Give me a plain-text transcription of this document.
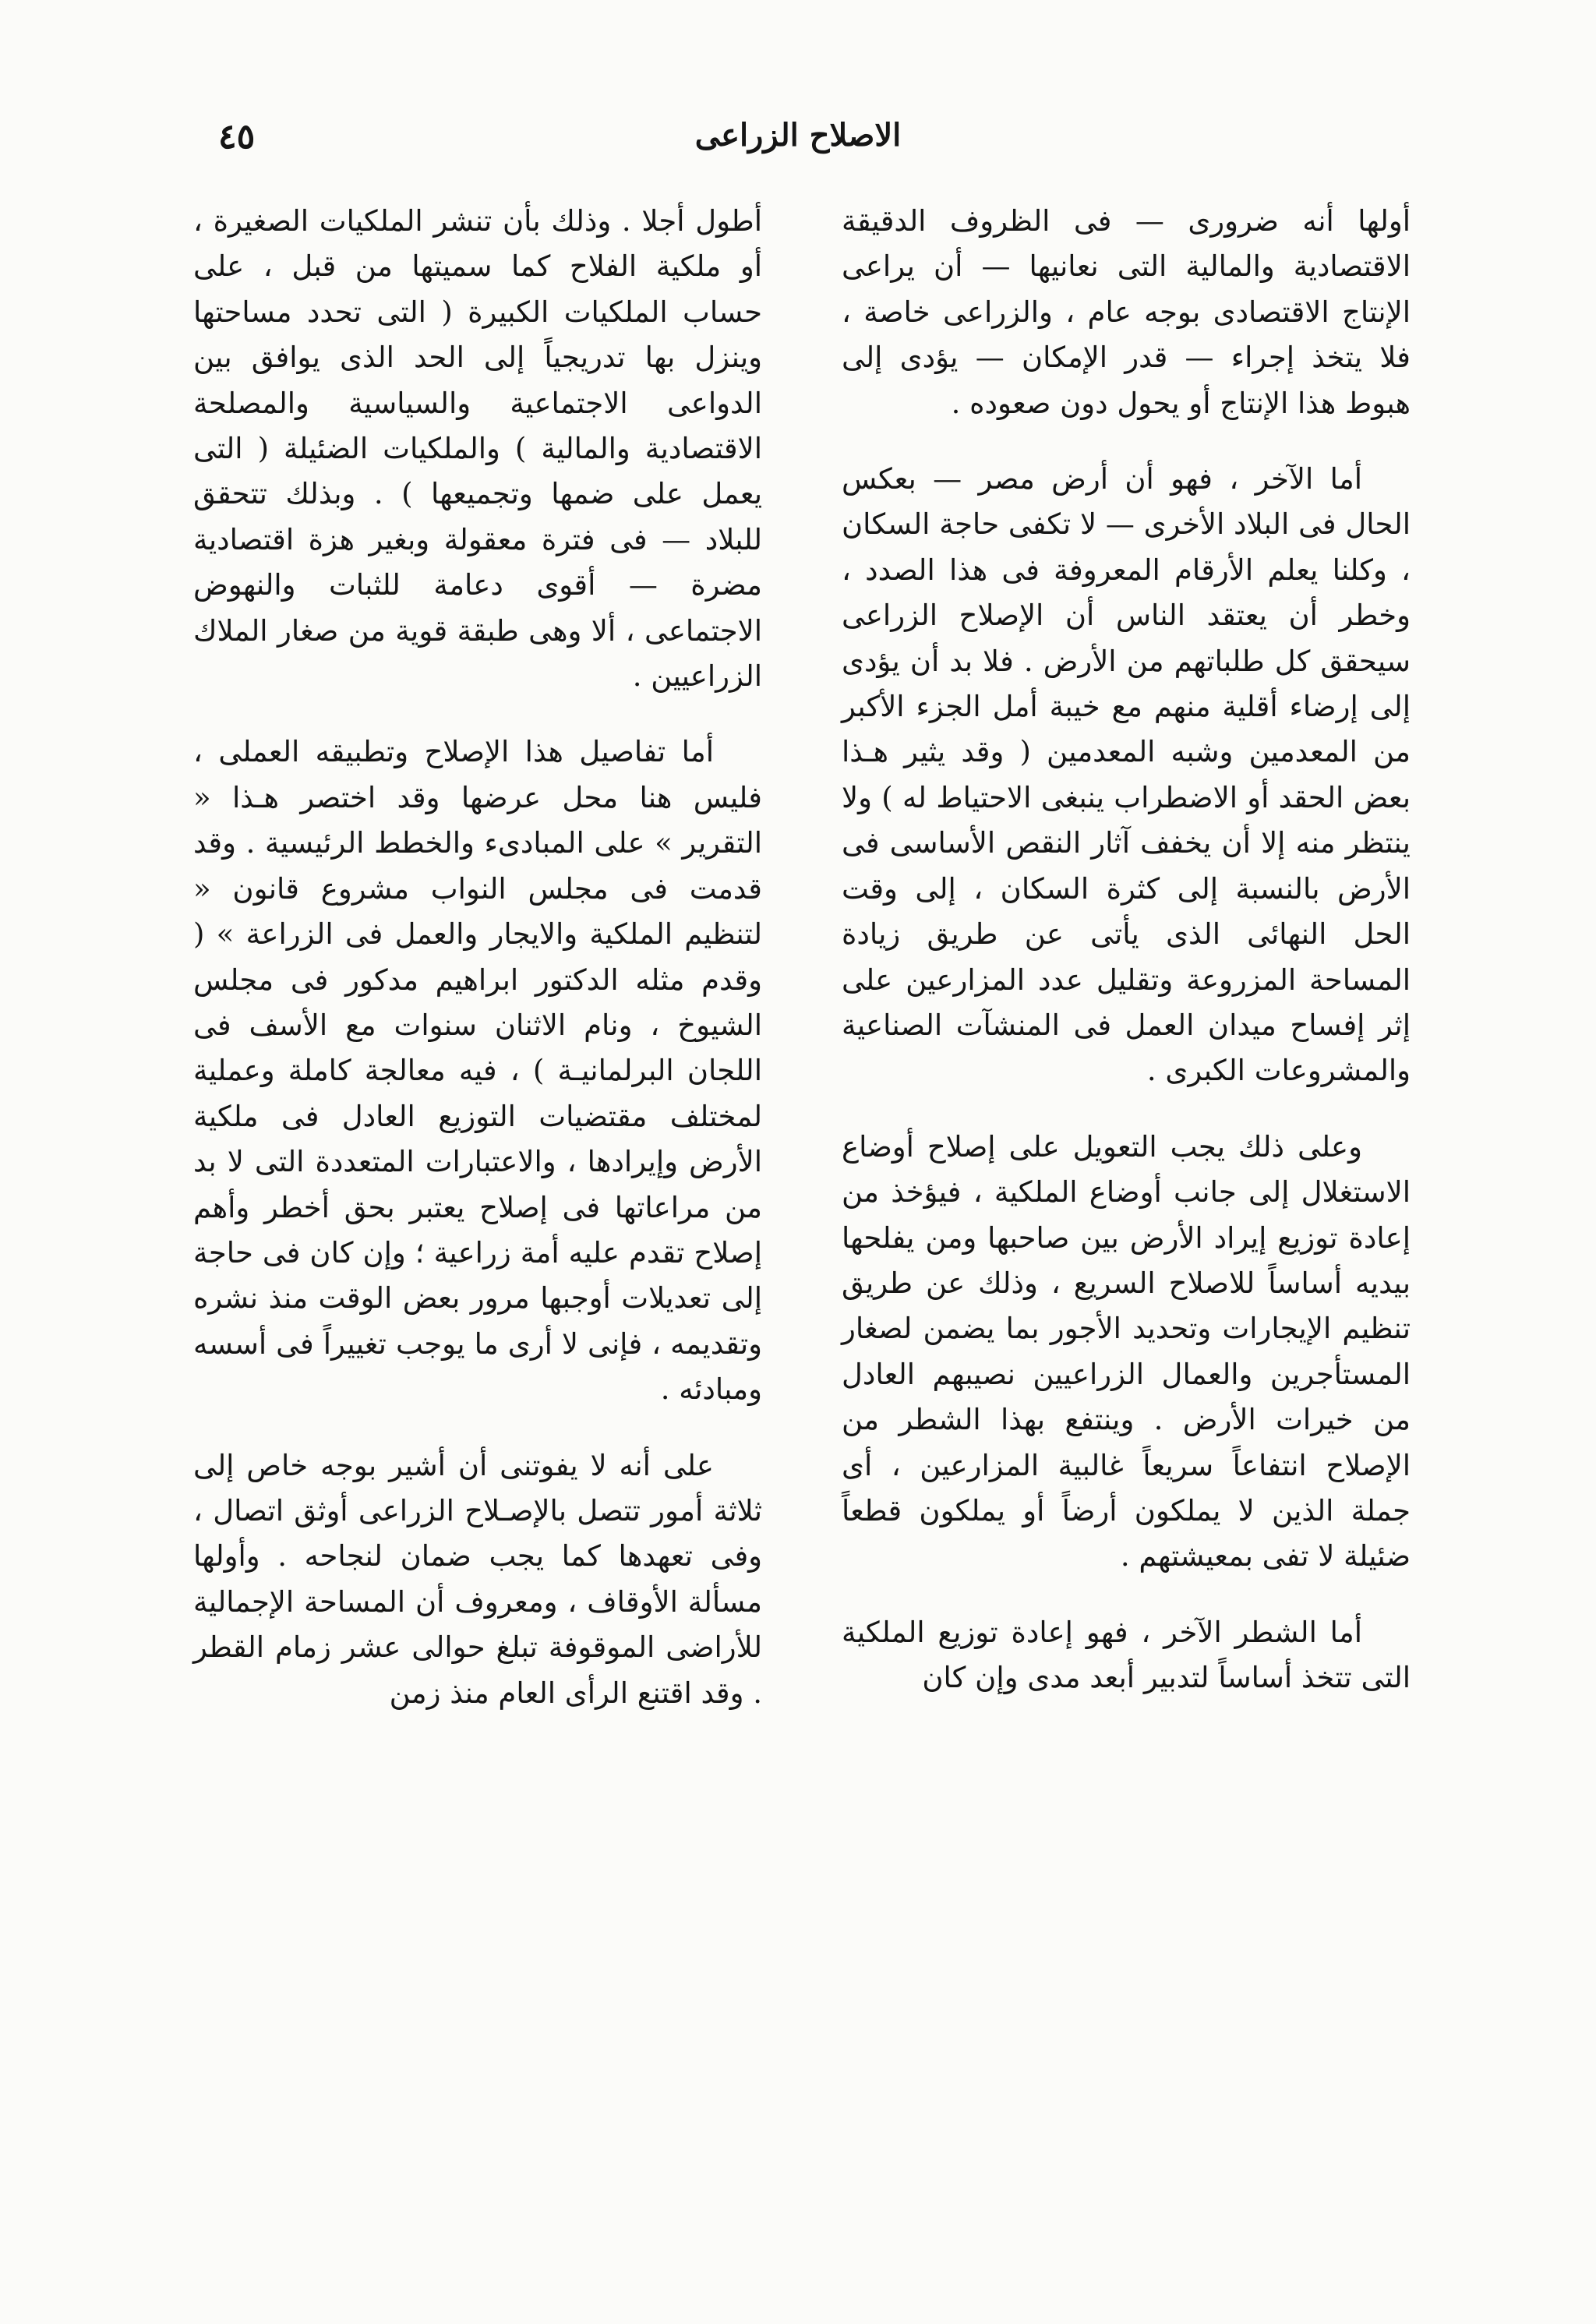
الاصلاح الزراعى
٤٥

أولها أنه ضرورى — فى الظروف الدقيقة الاقتصادية والمالية التى نعانيها — أن يراعى الإنتاج الاقتصادى بوجه عام ، والزراعى خاصة ، فلا يتخذ إجراء — قدر الإمكان — يؤدى إلى هبوط هذا الإنتاج أو يحول دون صعوده .

أما الآخر ، فهو أن أرض مصر — بعكس الحال فى البلاد الأخرى — لا تكفى حاجة السكان ، وكلنا يعلم الأرقام المعروفة فى هذا الصدد ، وخطر أن يعتقد الناس أن الإصلاح الزراعى سيحقق كل طلباتهم من الأرض . فلا بد أن يؤدى إلى إرضاء أقلية منهم مع خيبة أمل الجزء الأكبر من المعدمين وشبه المعدمين ( وقد يثير هـذا بعض الحقد أو الاضطراب ينبغى الاحتياط له ) ولا ينتظر منه إلا أن يخفف آثار النقص الأساسى فى الأرض بالنسبة إلى كثرة السكان ، إلى وقت الحل النهائى الذى يأتى عن طريق زيادة المساحة المزروعة وتقليل عدد المزارعين على إثر إفساح ميدان العمل فى المنشآت الصناعية والمشروعات الكبرى .

وعلى ذلك يجب التعويل على إصلاح أوضاع الاستغلال إلى جانب أوضاع الملكية ، فيؤخذ من إعادة توزيع إيراد الأرض بين صاحبها ومن يفلحها بيديه أساساً للاصلاح السريع ، وذلك عن طريق تنظيم الإيجارات وتحديد الأجور بما يضمن لصغار المستأجرين والعمال الزراعيين نصيبهم العادل من خيرات الأرض . وينتفع بهذا الشطر من الإصلاح انتفاعاً سريعاً غالبية المزارعين ، أى جملة الذين لا يملكون أرضاً أو يملكون قطعاً ضئيلة لا تفى بمعيشتهم .

أما الشطر الآخر ، فهو إعادة توزيع الملكية التى تتخذ أساساً لتدبير أبعد مدى وإن كان

أطول أجلا . وذلك بأن تنشر الملكيات الصغيرة ، أو ملكية الفلاح كما سميتها من قبل ، على حساب الملكيات الكبيرة ( التى تحدد مساحتها وينزل بها تدريجياً إلى الحد الذى يوافق بين الدواعى الاجتماعية والسياسية والمصلحة الاقتصادية والمالية ) والملكيات الضئيلة ( التى يعمل على ضمها وتجميعها ) . وبذلك تتحقق للبلاد — فى فترة معقولة وبغير هزة اقتصادية مضرة — أقوى دعامة للثبات والنهوض الاجتماعى ، ألا وهى طبقة قوية من صغار الملاك الزراعيين .

أما تفاصيل هذا الإصلاح وتطبيقه العملى ، فليس هنا محل عرضها وقد اختصر هـذا « التقرير » على المبادىء والخطط الرئيسية . وقد قدمت فى مجلس النواب مشروع قانون « لتنظيم الملكية والايجار والعمل فى الزراعة » ( وقدم مثله الدكتور ابراهيم مدكور فى مجلس الشيوخ ، ونام الاثنان سنوات مع الأسف فى اللجان البرلمانيـة ) ، فيه معالجة كاملة وعملية لمختلف مقتضيات التوزيع العادل فى ملكية الأرض وإيرادها ، والاعتبارات المتعددة التى لا بد من مراعاتها فى إصلاح يعتبر بحق أخطر وأهم إصلاح تقدم عليه أمة زراعية ؛ وإن كان فى حاجة إلى تعديلات أوجبها مرور بعض الوقت منذ نشره وتقديمه ، فإنى لا أرى ما يوجب تغييراً فى أسسه ومبادئه .

على أنه لا يفوتنى أن أشير بوجه خاص إلى ثلاثة أمور تتصل بالإصـلاح الزراعى أوثق اتصال ، وفى تعهدها كما يجب ضمان لنجاحه . وأولها مسألة الأوقاف ، ومعروف أن المساحة الإجمالية للأراضى الموقوفة تبلغ حوالى عشر زمام القطر . وقد اقتنع الرأى العام منذ زمن
